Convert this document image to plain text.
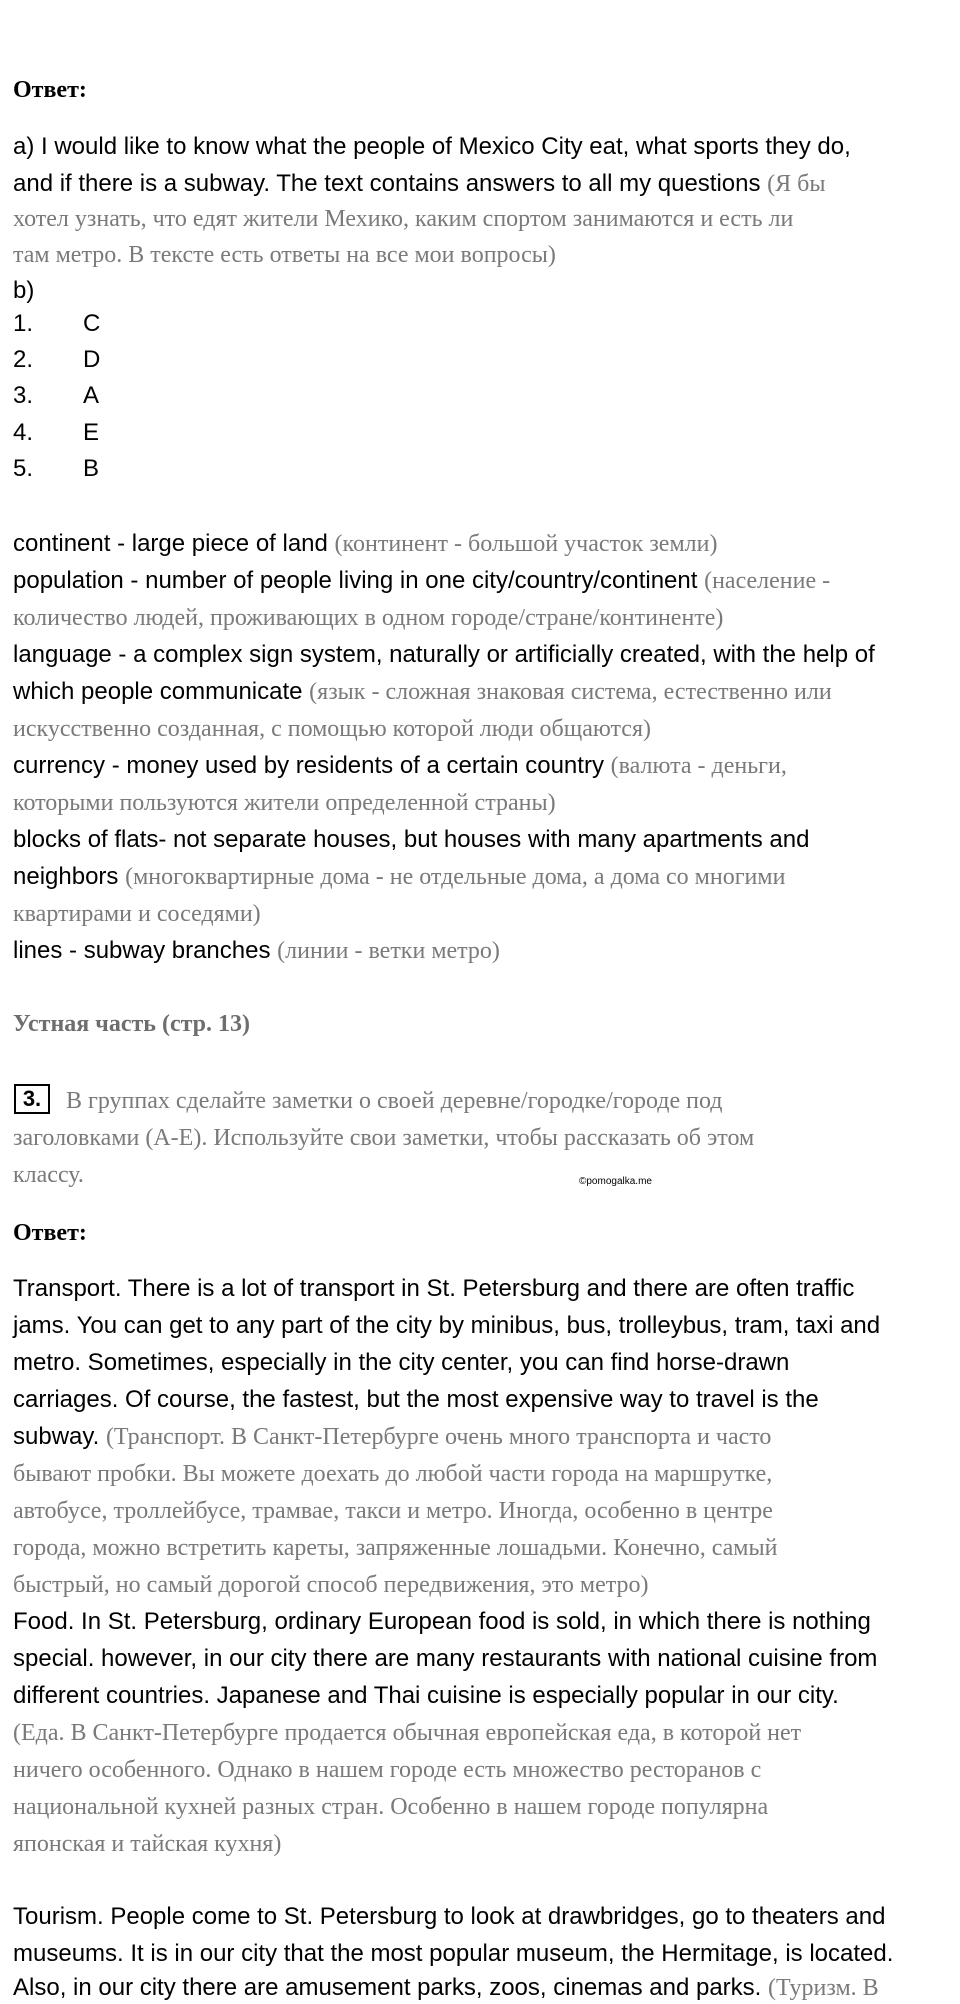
Ответ:
a) I would like to know what the people of Mexico City eat, what sports they do,
and if there is a subway. The text contains answers to all my questions (Я бы
хотел узнать, что едят жители Мехико, каким спортом занимаются и есть ли
там метро. В тексте есть ответы на все мои вопросы)
b)
1. C
2. D
3. A
4. E
5. B
continent - large piece of land (континент - большой участок земли)
population - number of people living in one city/country/continent (население -
количество людей, проживающих в одном городе/стране/континенте)
language - a complex sign system, naturally or artificially created, with the help of
which people communicate (язык - сложная знаковая система, естественно или
искусственно созданная, с помощью которой люди общаются)
currency - money used by residents of a certain country (валюта - деньги,
которыми пользуются жители определенной страны)
blocks of flats- not separate houses, but houses with many apartments and
neighbors (многоквартирные дома - не отдельные дома, а дома со многими
квартирами и соседями)
lines - subway branches (линии - ветки метро)
Устная часть (стр. 13)
3.	В группах сделайте заметки о своей деревне/городке/городе под
заголовками (A-E). Используйте свои заметки, чтобы рассказать об этом
классу.	©pomogalka.me
Ответ:
Transport. There is a lot of transport in St. Petersburg and there are often traffic
jams. You can get to any part of the city by minibus, bus, trolleybus, tram, taxi and
metro. Sometimes, especially in the city center, you can find horse-drawn
carriages. Of course, the fastest, but the most expensive way to travel is the
subway. (Транспорт. В Санкт-Петербурге очень много транспорта и часто
бывают пробки. Вы можете доехать до любой части города на маршрутке,
автобусе, троллейбусе, трамвае, такси и метро. Иногда, особенно в центре
города, можно встретить кареты, запряженные лошадьми. Конечно, самый
быстрый, но самый дорогой способ передвижения, это метро)
Food. In St. Petersburg, ordinary European food is sold, in which there is nothing
special. however, in our city there are many restaurants with national cuisine from
different countries. Japanese and Thai cuisine is especially popular in our city.
(Еда. В Санкт-Петербурге продается обычная европейская еда, в которой нет
ничего особенного. Однако в нашем городе есть множество ресторанов с
национальной кухней разных стран. Особенно в нашем городе популярна
японская и тайская кухня)
Tourism. People come to St. Petersburg to look at drawbridges, go to theaters and
museums. It is in our city that the most popular museum, the Hermitage, is located.
Also, in our city there are amusement parks, zoos, cinemas and parks. (Туризм. В
